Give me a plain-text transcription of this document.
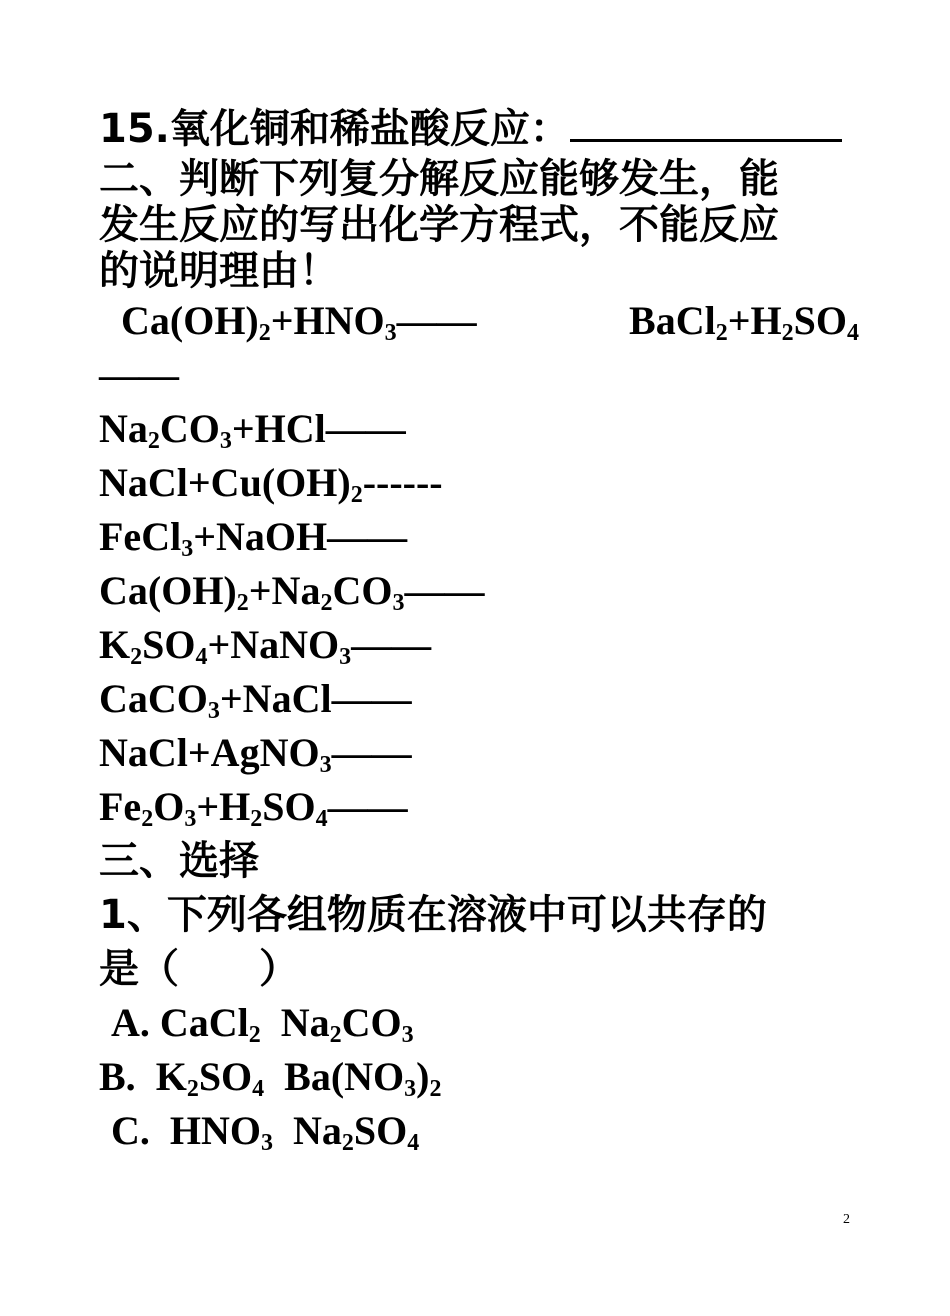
15.氧化铜和稀盐酸反应：
二、判断下列复分解反应能够发生，能
发生反应的写出化学方程式，不能反应
的说明理由！
$Ca(OH)_2+HNO_3——$	$BaCl_2+H_2SO_4$
——
$Na_2CO_3+HCl——$
$NaCl+Cu(OH)_2------$
FeCl$_3$+NaOH——
$Ca(OH)_2+Na_2CO_3——$
$K_2SO_4+NaNO_3——$
CaCO$_3$+NaCl——
NaCl+AgNO$_3$——
$Fe_2O_3+H_2SO_4——$
三、选择
1、下列各组物质在溶液中可以共存的
是（　　）
A. CaCl$_2$  $Na_2CO_3$
B.  $K_2SO_4$  $Ba(NO_3)_2$
C.  $HNO_3$  $Na_2SO_4$
2
